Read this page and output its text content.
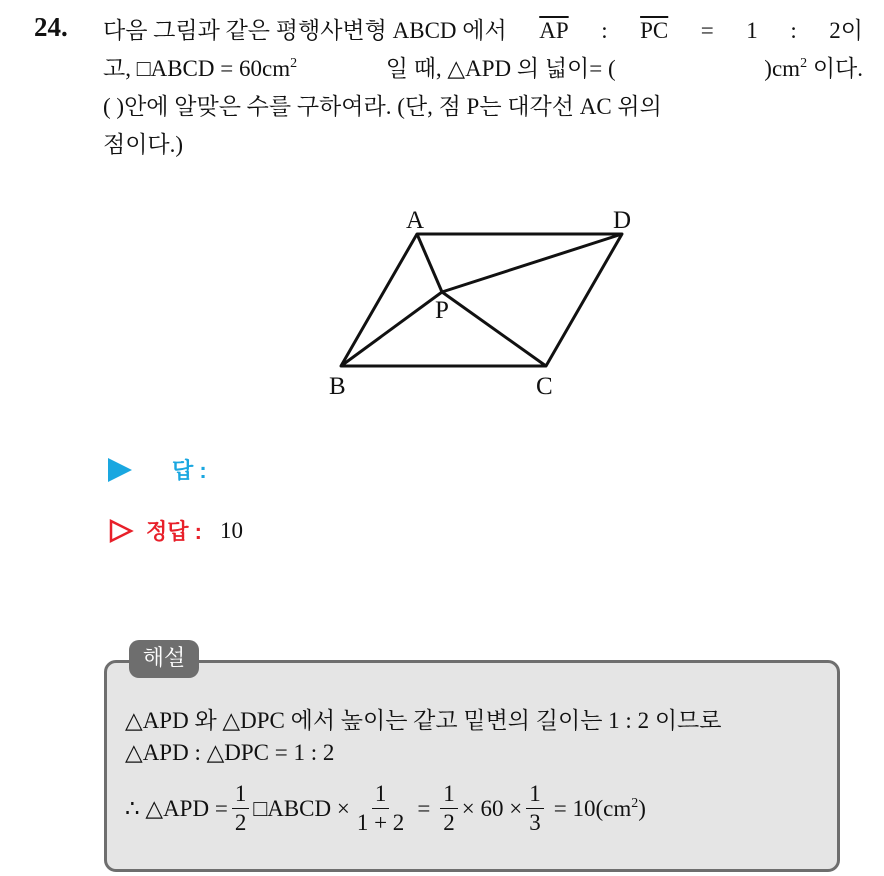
24. 다음 그림과 같은 평행사변형 ABCD 에서 $\overline{AP}$ : $\overline{PC} = 1$ : 2이
고, □ABCD = $60cm^2$	일 때, △APD 의 넓이= (	)$cm^2$ 이다.
( )안에 알맞은 수를 구하여라. (단, 점 P는 대각선 AC 위의
점이다.)
A	D
P
B	C
답 :
정답 : 10
해설
△APD 와 △DPC 에서 높이는 같고 밑변의 길이는 1 : 2 이므로
△APD : △DPC = 1 : 2
∴ △APD = $\frac{1}{2}$ □ABCD × $\frac{1}{1 + 2} = \frac{1}{2} \times 60 \times \frac{1}{3} = 10(cm^2)$
